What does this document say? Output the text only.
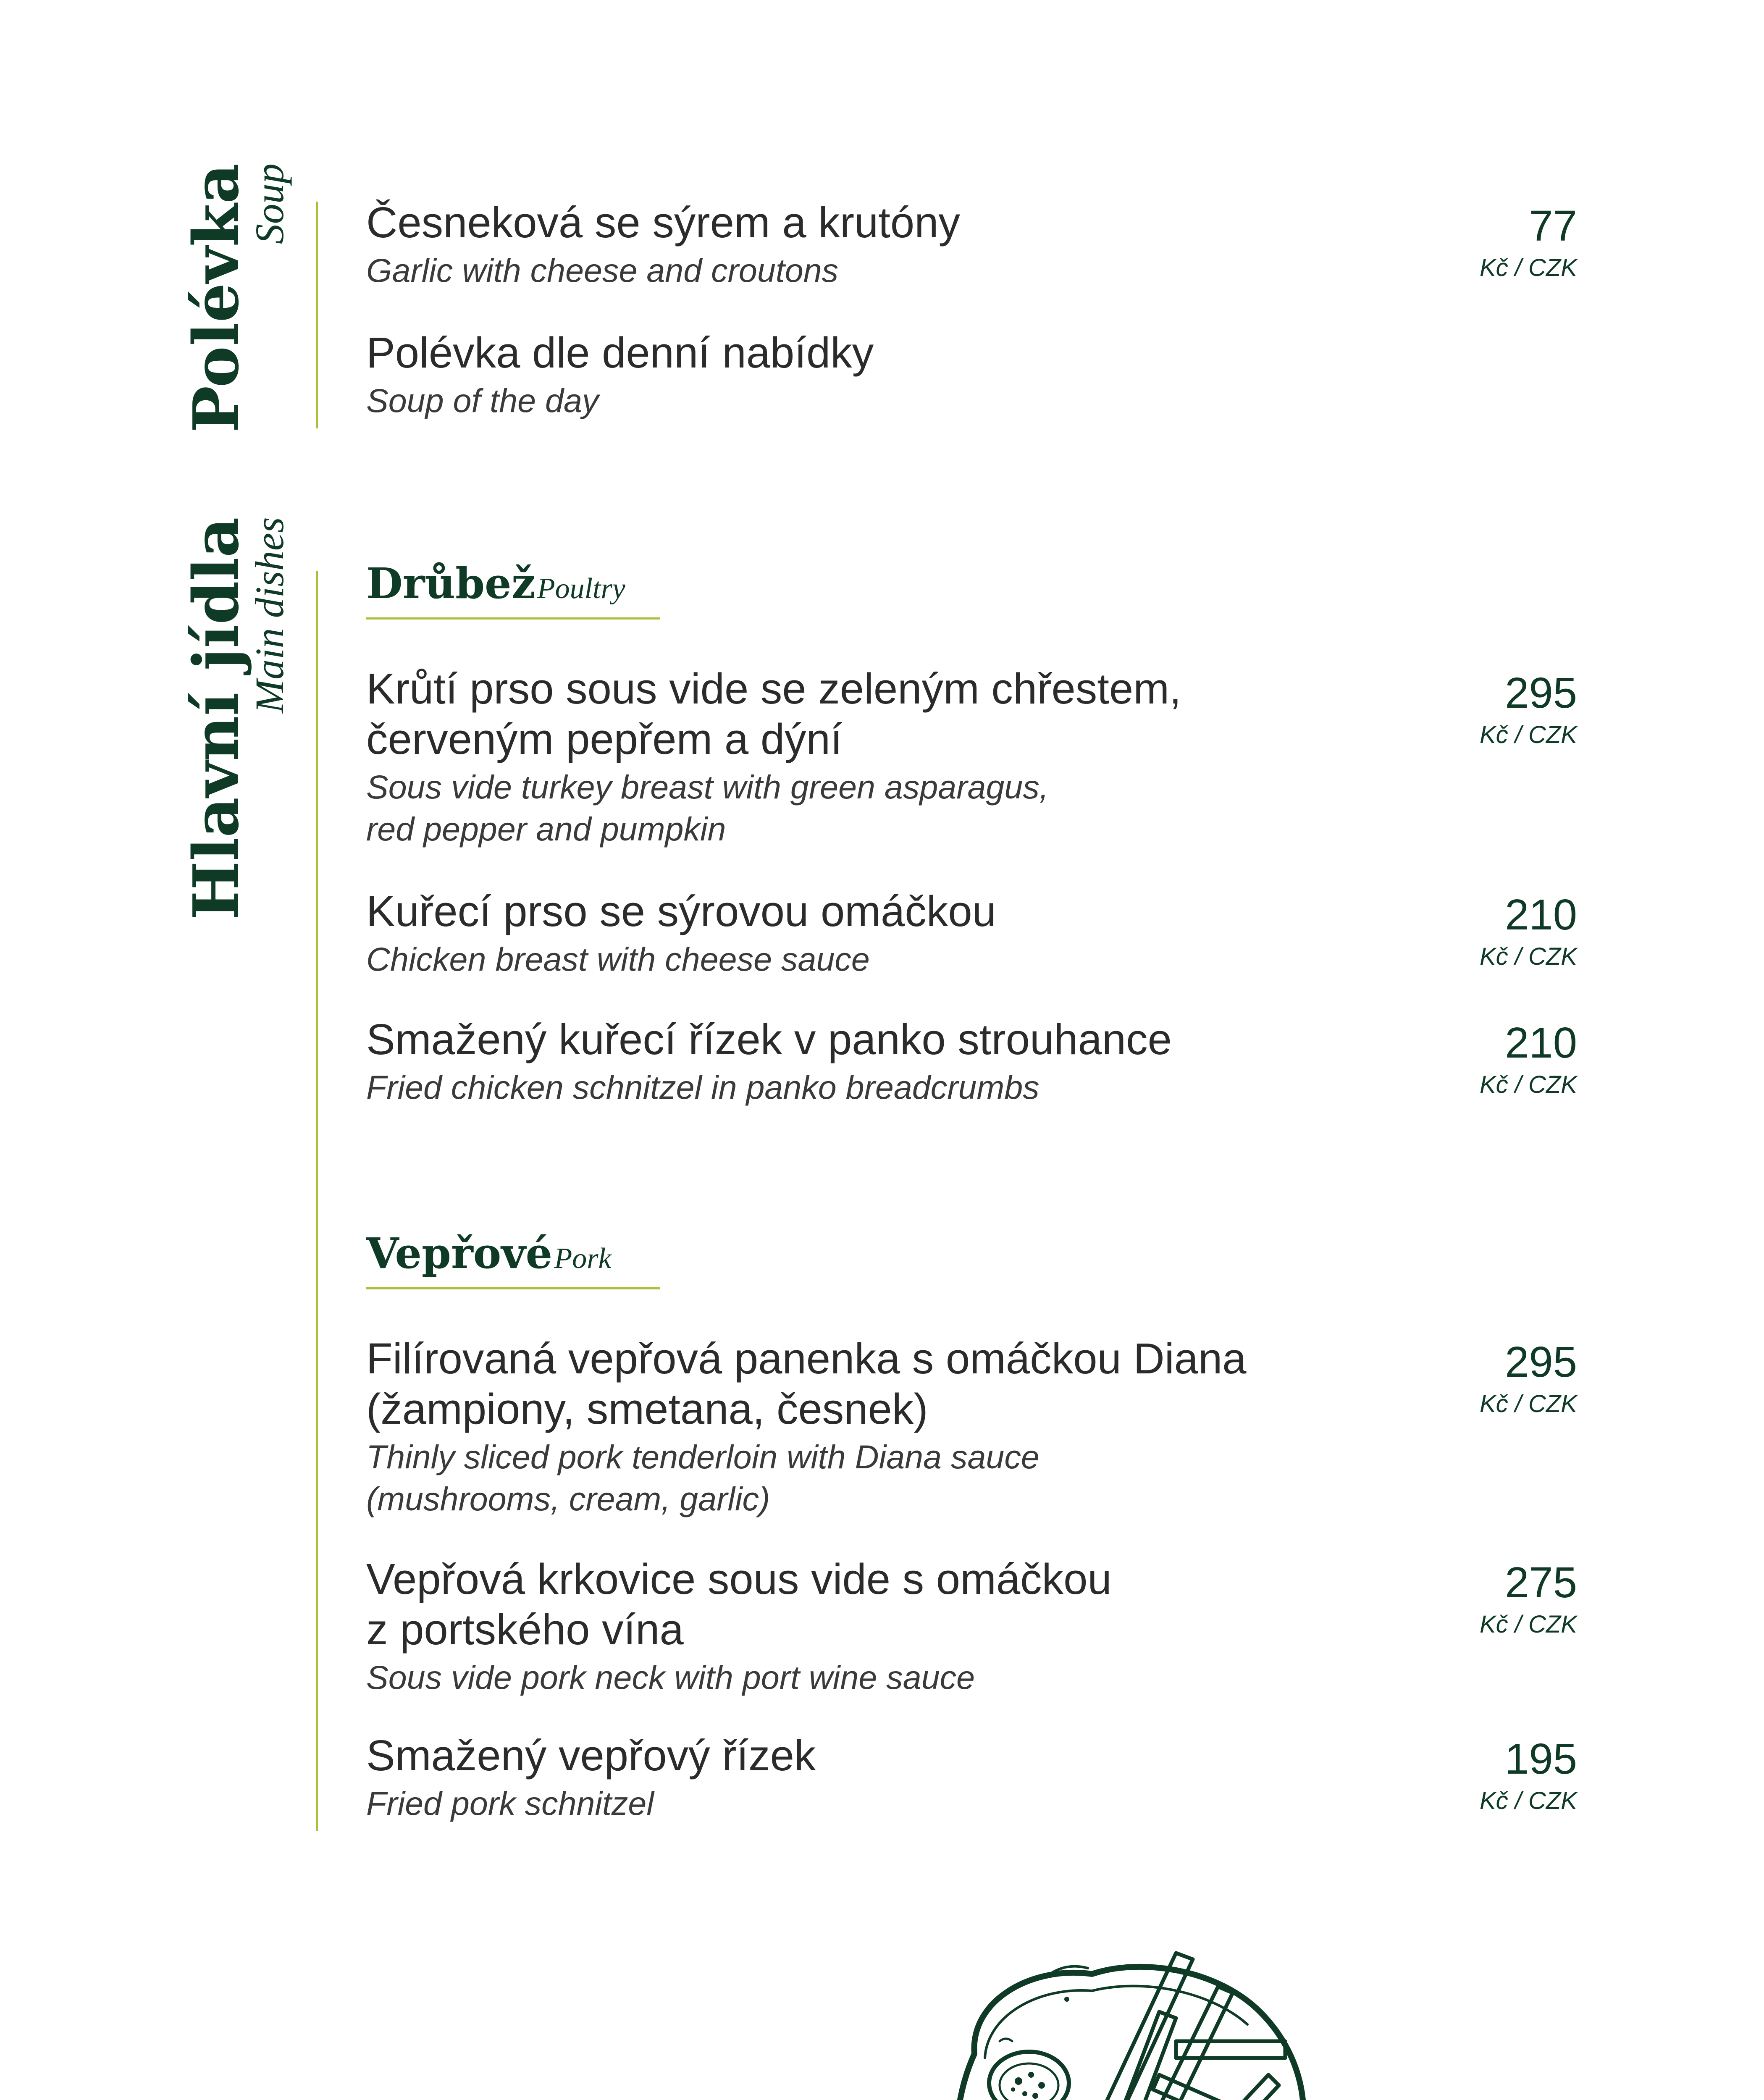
Polévka
Soup Česneková se sýrem a krutóny
Garlic with cheese and croutons
77
Kč / CZK
Polévka dle denní nabídky
Soup of the day
Hlavní jídla
Main dishes Drůbež Poultry
Krůtí prso sous vide se zeleným chřestem,
červeným pepřem a dýní
Sous vide turkey breast with green asparagus,
red pepper and pumpkin
295
Kč / CZK
Kuřecí prso se sýrovou omáčkou
Chicken breast with cheese sauce
210
Kč / CZK
Smažený kuřecí řízek v panko strouhance
Fried chicken schnitzel in panko breadcrumbs
210
Kč / CZK
Vepřové Pork
Filírovaná vepřová panenka s omáčkou Diana
(žampiony, smetana, česnek)
Thinly sliced pork tenderloin with Diana sauce
(mushrooms, cream, garlic)
295
Kč / CZK
Vepřová krkovice sous vide s omáčkou
z portského vína
Sous vide pork neck with port wine sauce
275
Kč / CZK
Smažený vepřový řízek
Fried pork schnitzel
195
Kč / CZK
